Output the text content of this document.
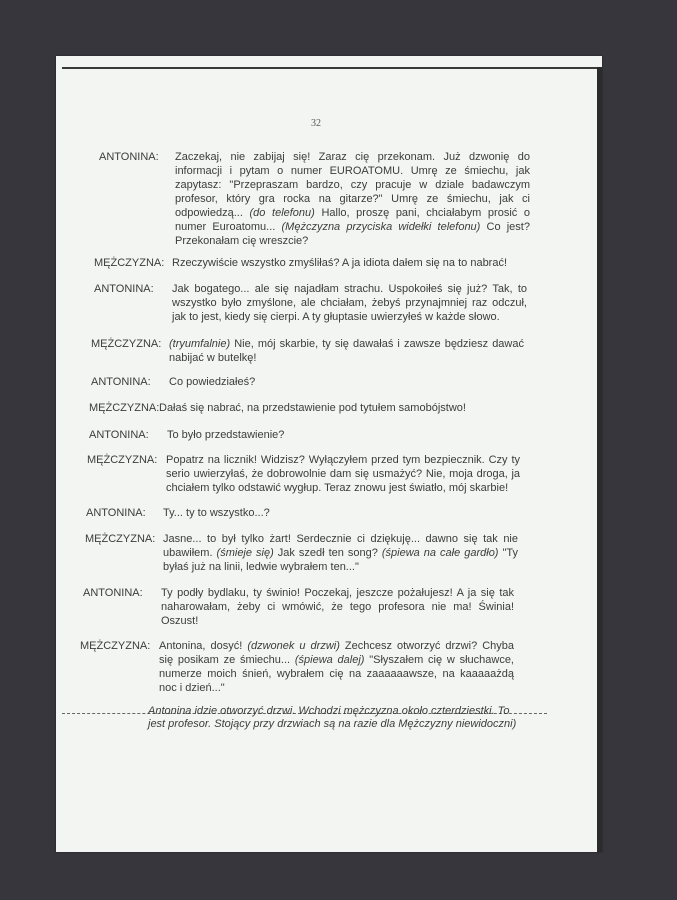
32
ANTONINA:	Zaczekaj, nie zabijaj się! Zaraz cię przekonam. Już dzwonię do informacji i pytam o numer EUROATOMU. Umrę ze śmiechu, jak zapytasz: "Przepraszam bardzo, czy pracuje w dziale badawczym profesor, który gra rocka na gitarze?" Umrę ze śmiechu, jak ci odpowiedzą... (do telefonu) Hallo, proszę pani, chciałabym prosić o numer Euroatomu... (Mężczyzna przyciska widełki telefonu) Co jest? Przekonałam cię wreszcie?
MĘŻCZYZNA: Rzeczywiście wszystko zmyśliłaś? A ja idiota dałem się na to nabrać!
ANTONINA:	Jak bogatego... ale się najadłam strachu. Uspokoiłeś się już? Tak, to wszystko było zmyślone, ale chciałam, żebyś przynajmniej raz odczuł, jak to jest, kiedy się cierpi. A ty głuptasie uwierzyłeś w każde słowo.
MĘŻCZYZNA: (tryumfalnie) Nie, mój skarbie, ty się dawałaś i zawsze będziesz dawać nabijać w butelkę!
ANTONINA:	Co powiedziałeś?
MĘŻCZYZNA: Dałaś się nabrać, na przedstawienie pod tytułem samobójstwo!
ANTONINA:	To było przedstawienie?
MĘŻCZYZNA: Popatrz na licznik! Widzisz? Wyłączyłem przed tym bezpiecznik. Czy ty serio uwierzyłaś, że dobrowolnie dam się usmażyć? Nie, moja droga, ja chciałem tylko odstawić wygłup. Teraz znowu jest światło, mój skarbie!
ANTONINA:	Ty... ty to wszystko...?
MĘŻCZYZNA: Jasne... to był tylko żart! Serdecznie ci dziękuję... dawno się tak nie ubawiłem. (śmieje się) Jak szedł ten song? (śpiewa na całe gardło) "Ty byłaś już na linii, ledwie wybrałem ten..."
ANTONINA:	Ty podły bydlaku, ty świnio! Poczekaj, jeszcze pożałujesz! A ja się tak naharowałam, żeby ci wmówić, że tego profesora nie ma! Świnia! Oszust!
MĘŻCZYZNA: Antonina, dosyć! (dzwonek u drzwi) Zechcesz otworzyć drzwi? Chyba się posikam ze śmiechu... (śpiewa dalej) "Słyszałem cię w słuchawce, numerze moich śnień, wybrałem cię na zaaaaaawsze, na kaaaaażdą noc i dzień..."
Antonina idzie otworzyć drzwi. Wchodzi mężczyzna około czterdziestki. To jest profesor. Stojący przy drzwiach są na razie dla Mężczyzny niewidoczni)
